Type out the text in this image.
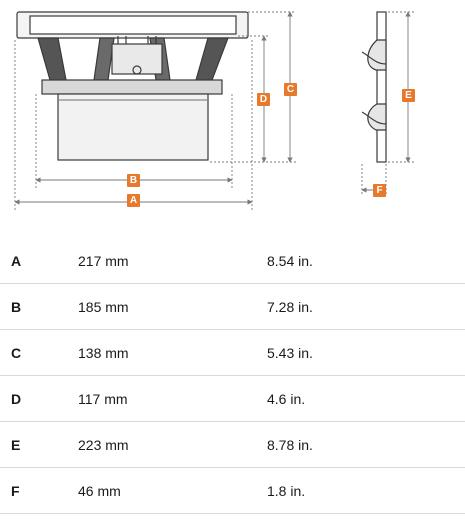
A
B
C
D	E
F
A	217 mm	8.54 in.
B	185 mm	7.28 in.
C	138 mm	5.43 in.
D	117 mm	4.6 in.
E	223 mm	8.78 in.
F	46 mm	1.8 in.
